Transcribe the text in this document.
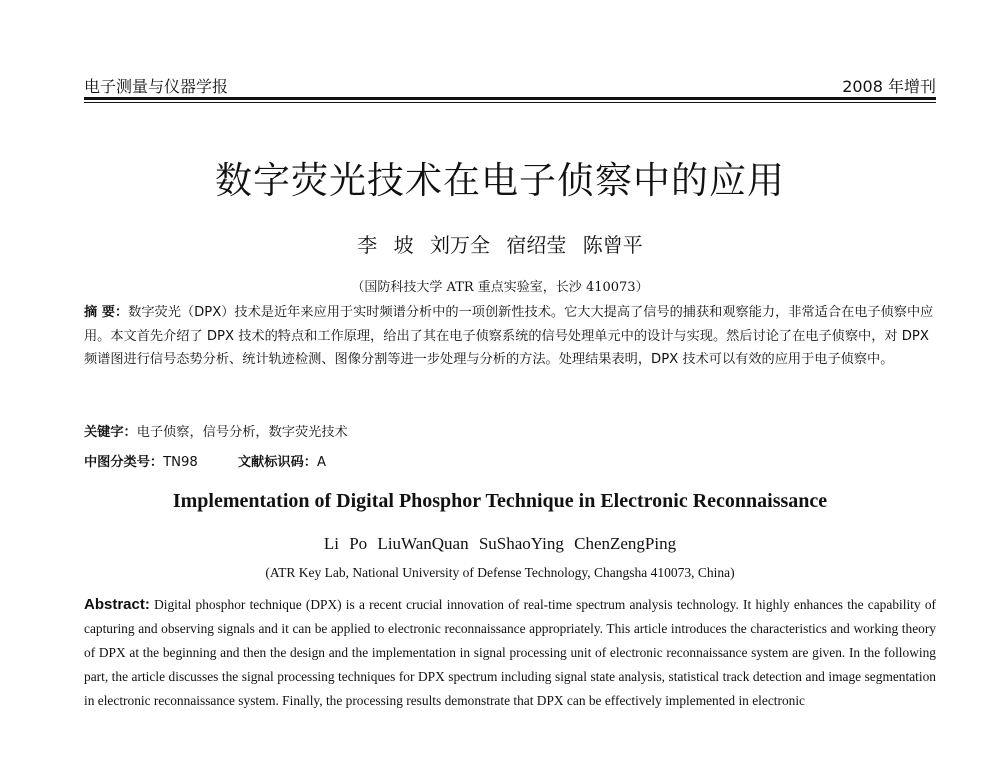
电子测量与仪器学报	2008 年增刊
数字荧光技术在电子侦察中的应用
李 坡 刘万全 宿绍莹 陈曾平
（国防科技大学 ATR 重点实验室，长沙 410073）
摘 要：数字荧光（DPX）技术是近年来应用于实时频谱分析中的一项创新性技术。它大大提高了信号的捕获和观察能力，非常适合在电子侦察中应用。本文首先介绍了 DPX 技术的特点和工作原理，给出了其在电子侦察系统的信号处理单元中的设计与实现。然后讨论了在电子侦察中，对 DPX 频谱图进行信号态势分析、统计轨迹检测、图像分割等进一步处理与分析的方法。处理结果表明，DPX 技术可以有效的应用于电子侦察中。
关键字：电子侦察，信号分析，数字荧光技术
中图分类号：TN98	文献标识码：A
Implementation of Digital Phosphor Technique in Electronic Reconnaissance
Li Po LiuWanQuan SuShaoYing ChenZengPing
(ATR Key Lab, National University of Defense Technology, Changsha 410073, China)
Abstract: Digital phosphor technique (DPX) is a recent crucial innovation of real-time spectrum analysis technology. It highly enhances the capability of capturing and observing signals and it can be applied to electronic reconnaissance appropriately. This article introduces the characteristics and working theory of DPX at the beginning and then the design and the implementation in signal processing unit of electronic reconnaissance system are given. In the following part, the article discusses the signal processing techniques for DPX spectrum including signal state analysis, statistical track detection and image segmentation in electronic reconnaissance system. Finally, the processing results demonstrate that DPX can be effectively implemented in electronic
